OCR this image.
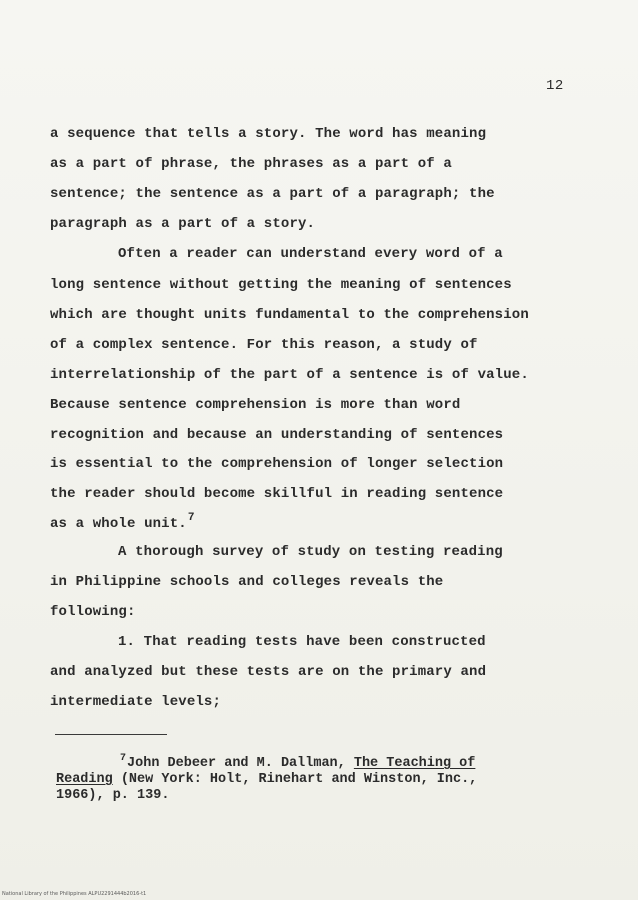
12
a sequence that tells a story. The word has meaning
as a part of phrase, the phrases as a part of a
sentence; the sentence as a part of a paragraph; the
paragraph as a part of a story.
Often a reader can understand every word of a
long sentence without getting the meaning of sentences
which are thought units fundamental to the comprehension
of a complex sentence. For this reason, a study of
interrelationship of the part of a sentence is of value.
Because sentence comprehension is more than word
recognition and because an understanding of sentences
is essential to the comprehension of longer selection
the reader should become skillful in reading sentence
as a whole unit.$^7$
A thorough survey of study on testing reading
in Philippine schools and colleges reveals the
following:
1. That reading tests have been constructed
and analyzed but these tests are on the primary and
intermediate levels;
$^7$John Debeer and M. Dallman, The Teaching of
Reading (New York: Holt, Rinehart and Winston, Inc.,
1966), p. 139.
National Library of the Philippines ALPU2291444b2016-t1
